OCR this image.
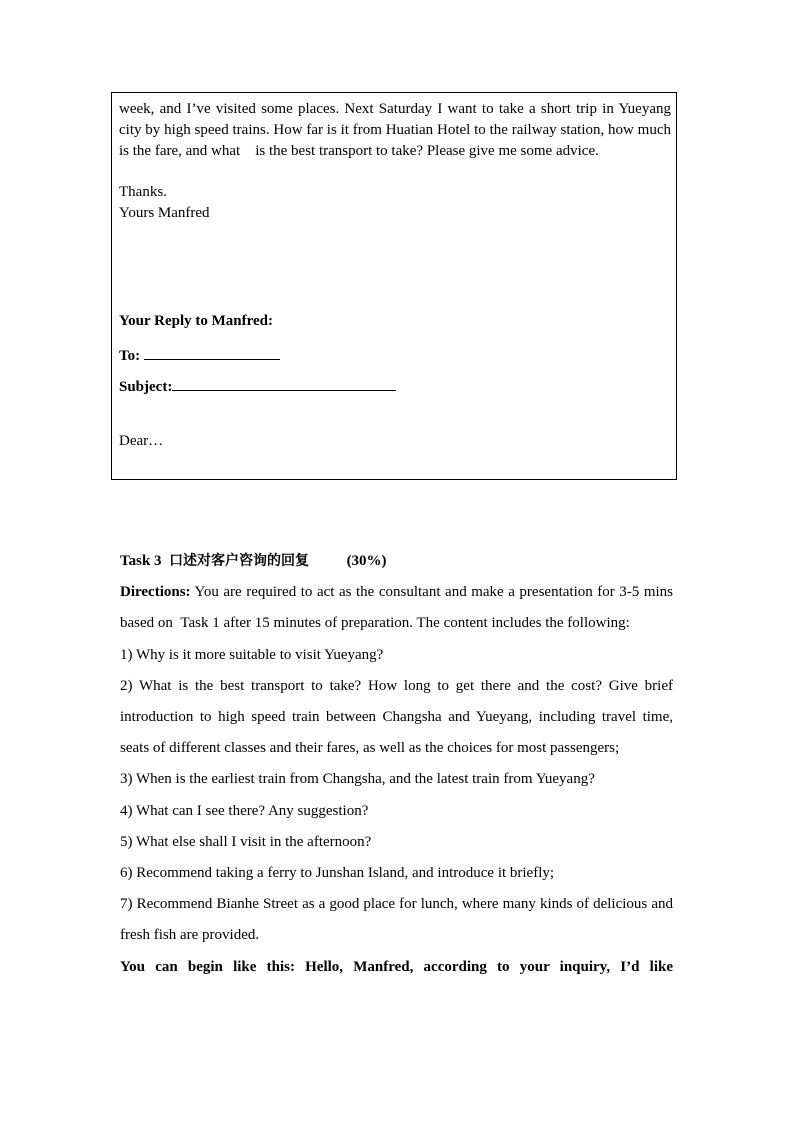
week, and I’ve visited some places. Next Saturday I want to take a short trip in Yueyang city by high speed trains. How far is it from Huatian Hotel to the railway station, how much is the fare, and what    is the best transport to take? Please give me some advice.

Thanks.

Yours Manfred

Your Reply to Manfred:

To:

Subject:

Dear…

Task 3 口述对客户咨询的回复	(30%)

Directions: You are required to act as the consultant and make a presentation for 3-5 mins based on  Task 1 after 15 minutes of preparation. The content includes the following:

1) Why is it more suitable to visit Yueyang?

2) What is the best transport to take? How long to get there and the cost? Give brief introduction to high speed train between Changsha and Yueyang, including travel time, seats of different classes and their fares, as well as the choices for most passengers;

3) When is the earliest train from Changsha, and the latest train from Yueyang?

4) What can I see there? Any suggestion?

5) What else shall I visit in the afternoon?

6) Recommend taking a ferry to Junshan Island, and introduce it briefly;

7) Recommend Bianhe Street as a good place for lunch, where many kinds of delicious and fresh fish are provided.

You can begin like this: Hello, Manfred, according to your inquiry, I’d like
